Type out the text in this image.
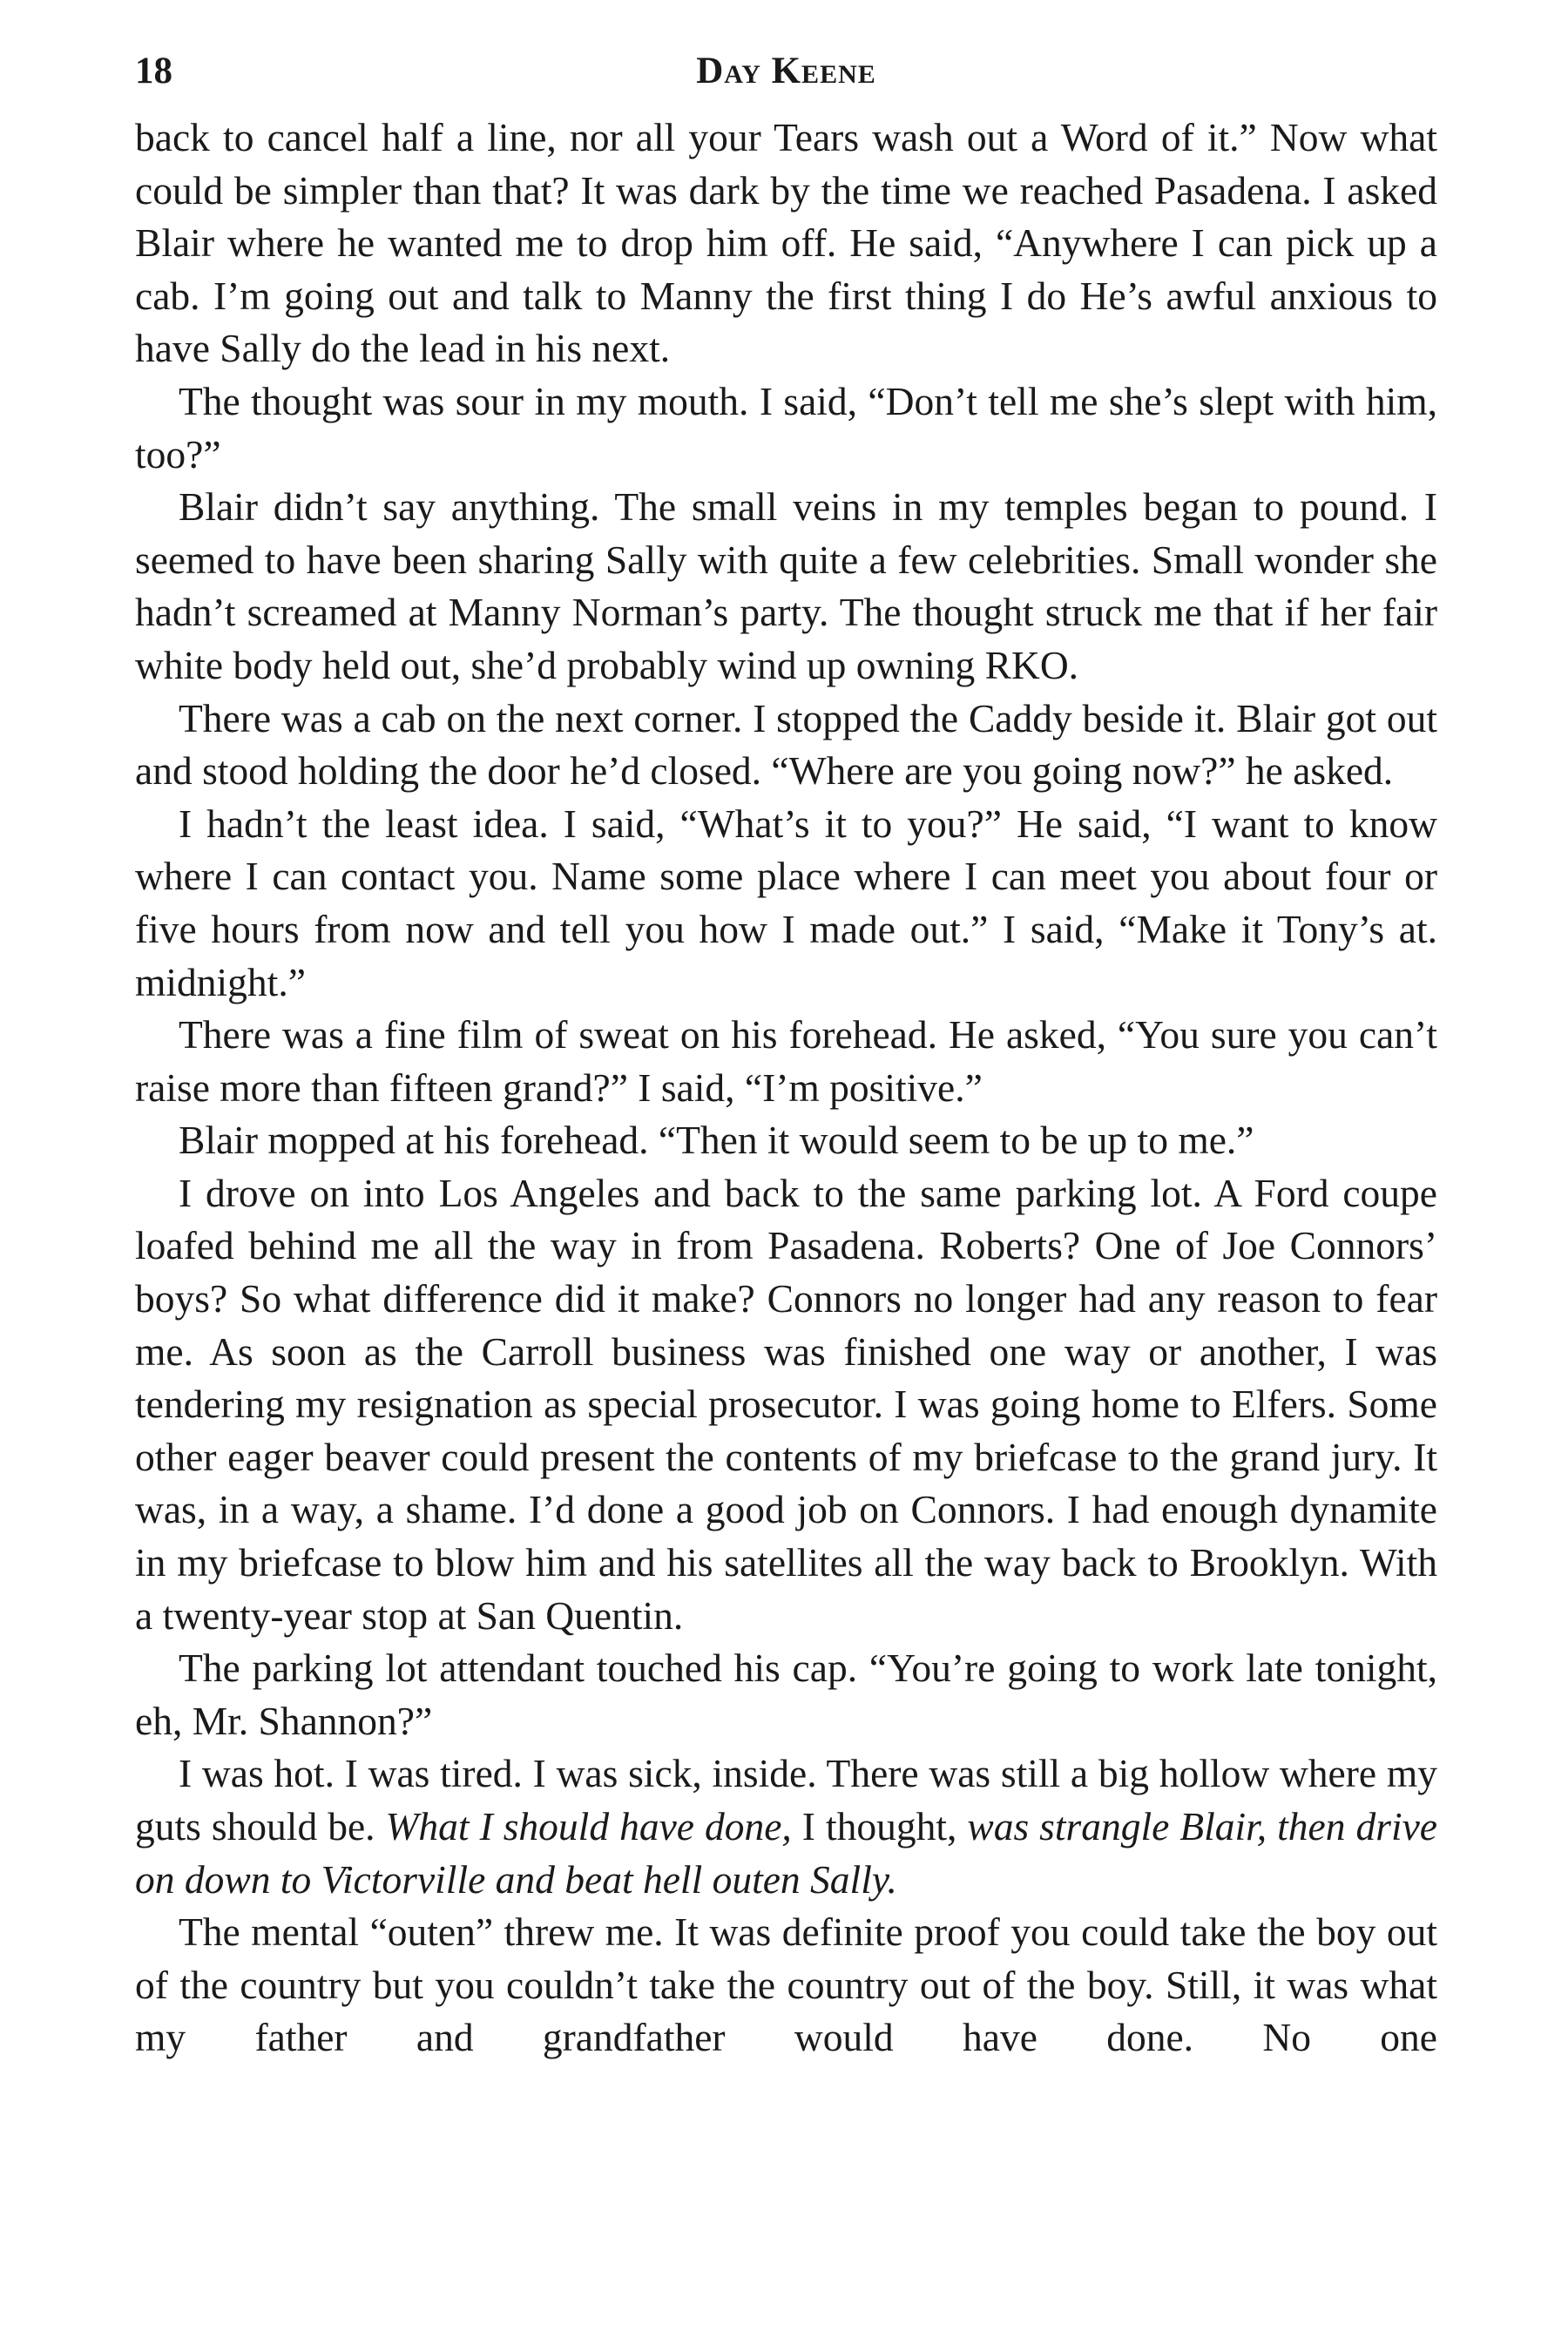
18	Day Keene

back to cancel half a line, nor all your Tears wash out a Word of it.” Now what could be simpler than that? It was dark by the time we reached Pasadena. I asked Blair where he wanted me to drop him off. He said, “Anywhere I can pick up a cab. I’m going out and talk to Manny the first thing I do He’s awful anxious to have Sally do the lead in his next.

The thought was sour in my mouth. I said, “Don’t tell me she’s slept with him, too?”

Blair didn’t say anything. The small veins in my temples began to pound. I seemed to have been sharing Sally with quite a few celebrities. Small wonder she hadn’t screamed at Manny Norman’s party. The thought struck me that if her fair white body held out, she’d probably wind up owning RKO.

There was a cab on the next corner. I stopped the Caddy beside it. Blair got out and stood holding the door he’d closed. “Where are you going now?” he asked.

I hadn’t the least idea. I said, “What’s it to you?” He said, “I want to know where I can contact you. Name some place where I can meet you about four or five hours from now and tell you how I made out.” I said, “Make it Tony’s at. midnight.”

There was a fine film of sweat on his forehead. He asked, “You sure you can’t raise more than fifteen grand?” I said, “I’m positive.”

Blair mopped at his forehead. “Then it would seem to be up to me.”

I drove on into Los Angeles and back to the same parking lot. A Ford coupe loafed behind me all the way in from Pasadena. Roberts? One of Joe Connors’ boys? So what difference did it make? Connors no longer had any reason to fear me. As soon as the Carroll business was finished one way or another, I was tendering my resignation as special prosecutor. I was going home to Elfers. Some other eager beaver could present the contents of my briefcase to the grand jury. It was, in a way, a shame. I’d done a good job on Connors. I had enough dynamite in my briefcase to blow him and his satellites all the way back to Brooklyn. With a twenty-year stop at San Quentin.

The parking lot attendant touched his cap. “You’re going to work late tonight, eh, Mr. Shannon?”

I was hot. I was tired. I was sick, inside. There was still a big hollow where my guts should be. What I should have done, I thought, was strangle Blair, then drive on down to Victorville and beat hell outen Sally.

The mental “outen” threw me. It was definite proof you could take the boy out of the country but you couldn’t take the country out of the boy. Still, it was what my father and grandfather would have done. No one
